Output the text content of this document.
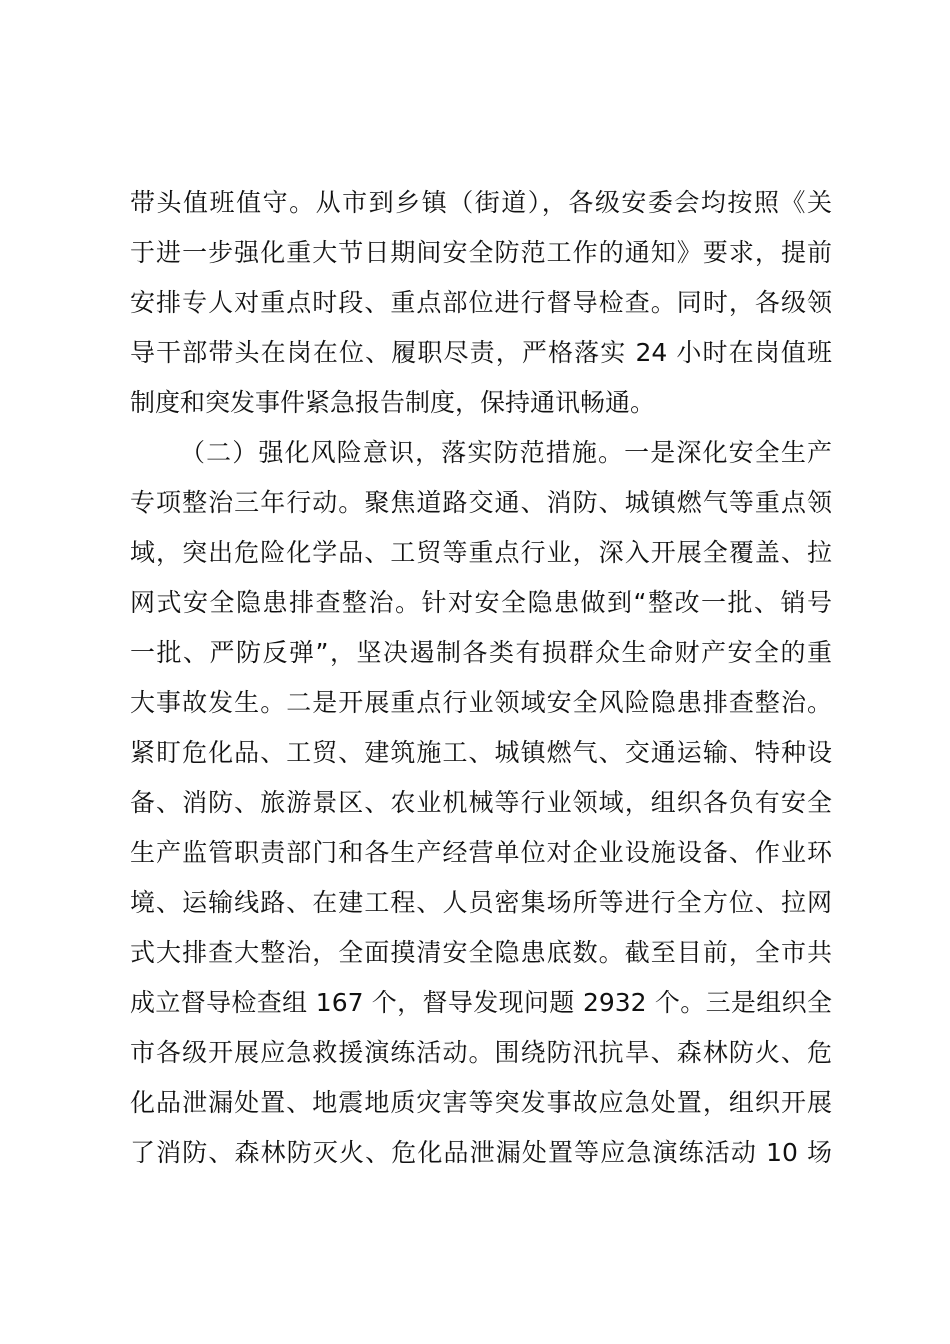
带头值班值守。从市到乡镇（街道），各级安委会均按照《关
于进一步强化重大节日期间安全防范工作的通知》要求，提前
安排专人对重点时段、重点部位进行督导检查。同时，各级领
导干部带头在岗在位、履职尽责，严格落实 24 小时在岗值班
制度和突发事件紧急报告制度，保持通讯畅通。
（二）强化风险意识，落实防范措施。一是深化安全生产
专项整治三年行动。聚焦道路交通、消防、城镇燃气等重点领
域，突出危险化学品、工贸等重点行业，深入开展全覆盖、拉
网式安全隐患排查整治。针对安全隐患做到“整改一批、销号
一批、严防反弹”，坚决遏制各类有损群众生命财产安全的重
大事故发生。二是开展重点行业领域安全风险隐患排查整治。
紧盯危化品、工贸、建筑施工、城镇燃气、交通运输、特种设
备、消防、旅游景区、农业机械等行业领域，组织各负有安全
生产监管职责部门和各生产经营单位对企业设施设备、作业环
境、运输线路、在建工程、人员密集场所等进行全方位、拉网
式大排查大整治，全面摸清安全隐患底数。截至目前，全市共
成立督导检查组 167 个，督导发现问题 2932 个。三是组织全
市各级开展应急救援演练活动。围绕防汛抗旱、森林防火、危
化品泄漏处置、地震地质灾害等突发事故应急处置，组织开展
了消防、森林防灭火、危化品泄漏处置等应急演练活动 10 场
